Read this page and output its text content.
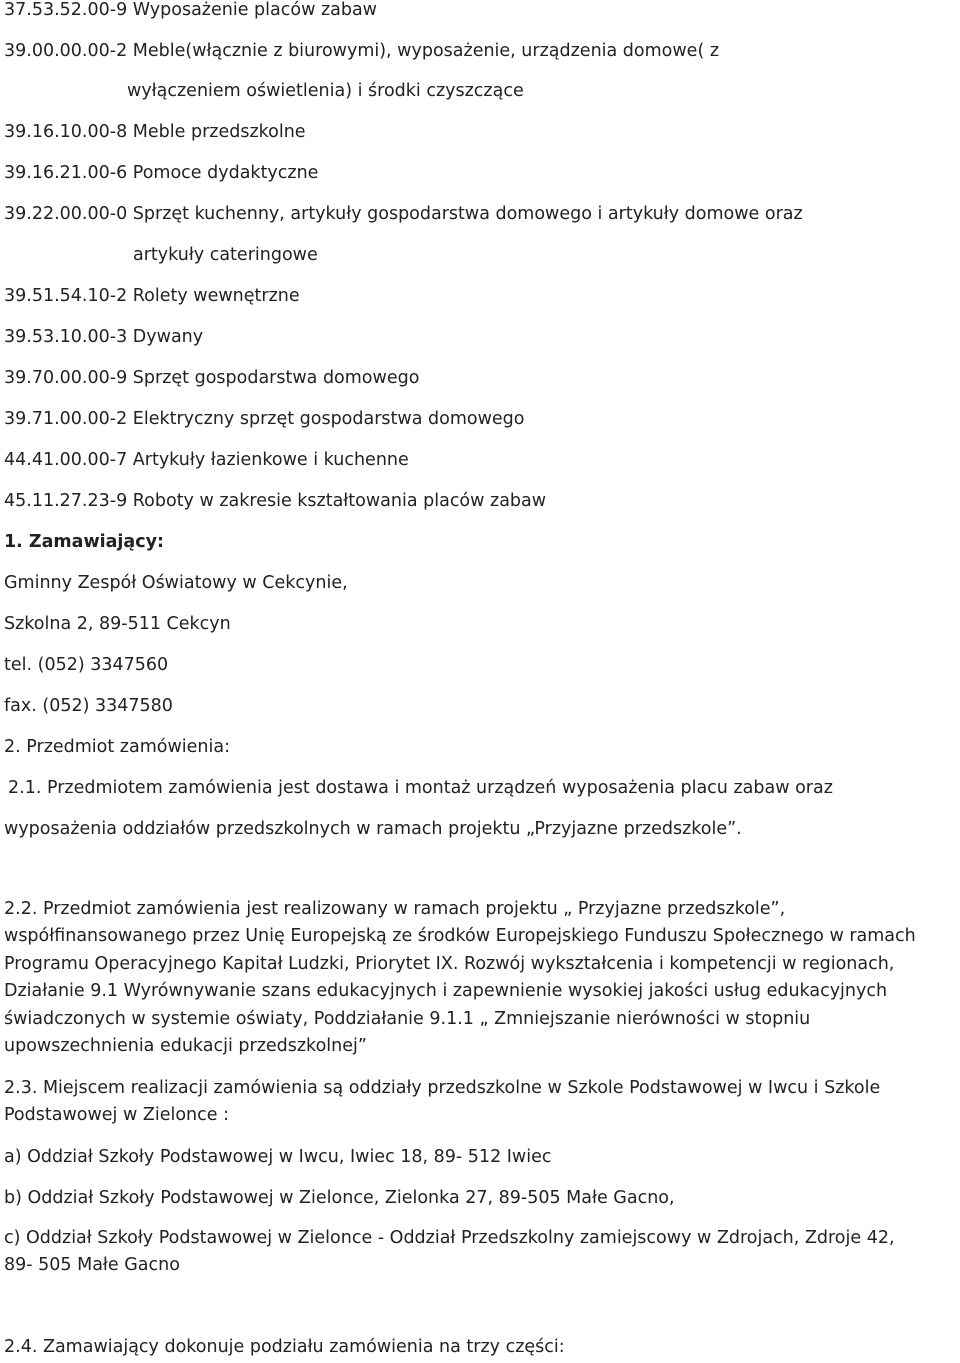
37.53.52.00-9 Wyposażenie placów zabaw
39.00.00.00-2 Meble(włącznie z biurowymi), wyposażenie, urządzenia domowe( z
wyłączeniem oświetlenia) i środki czyszczące
39.16.10.00-8 Meble przedszkolne
39.16.21.00-6 Pomoce dydaktyczne
39.22.00.00-0 Sprzęt kuchenny, artykuły gospodarstwa domowego i artykuły domowe oraz
artykuły cateringowe
39.51.54.10-2 Rolety wewnętrzne
39.53.10.00-3 Dywany
39.70.00.00-9 Sprzęt gospodarstwa domowego
39.71.00.00-2 Elektryczny sprzęt gospodarstwa domowego
44.41.00.00-7 Artykuły łazienkowe i kuchenne
45.11.27.23-9 Roboty w zakresie kształtowania placów zabaw
1. Zamawiający:
Gminny Zespół Oświatowy w Cekcynie,
Szkolna 2, 89-511 Cekcyn
tel. (052) 3347560
fax. (052) 3347580
2. Przedmiot zamówienia:
2.1. Przedmiotem zamówienia jest dostawa i montaż urządzeń wyposażenia placu zabaw oraz
wyposażenia oddziałów przedszkolnych w ramach projektu „Przyjazne przedszkole”.
2.2. Przedmiot zamówienia jest realizowany w ramach projektu „ Przyjazne przedszkole”,
współfinansowanego przez Unię Europejską ze środków Europejskiego Funduszu Społecznego w ramach
Programu Operacyjnego Kapitał Ludzki, Priorytet IX. Rozwój wykształcenia i kompetencji w regionach,
Działanie 9.1 Wyrównywanie szans edukacyjnych i zapewnienie wysokiej jakości usług edukacyjnych
świadczonych w systemie oświaty, Poddziałanie 9.1.1 „ Zmniejszanie nierówności w stopniu
upowszechnienia edukacji przedszkolnej”
2.3. Miejscem realizacji zamówienia są oddziały przedszkolne w Szkole Podstawowej w Iwcu i Szkole
Podstawowej w Zielonce :
a) Oddział Szkoły Podstawowej w Iwcu, Iwiec 18, 89- 512 Iwiec
b) Oddział Szkoły Podstawowej w Zielonce, Zielonka 27, 89-505 Małe Gacno,
c) Oddział Szkoły Podstawowej w Zielonce - Oddział Przedszkolny zamiejscowy w Zdrojach, Zdroje 42,
89- 505 Małe Gacno
2.4. Zamawiający dokonuje podziału zamówienia na trzy części:
